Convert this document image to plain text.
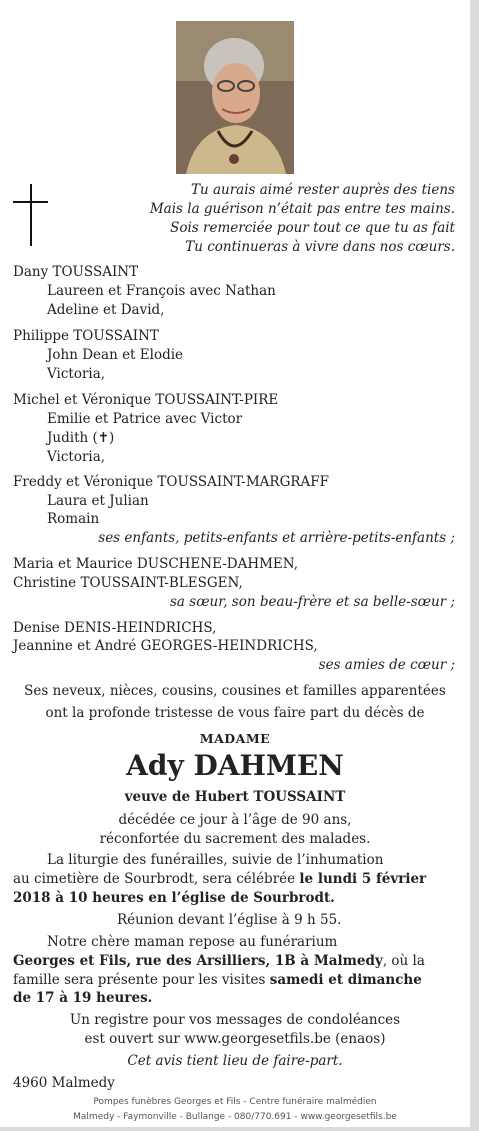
Tu aurais aimé rester auprès des tiens
Mais la guérison n’était pas entre tes mains.
Sois remerciée pour tout ce que tu as fait
Tu continueras à vivre dans nos cœurs.
Dany TOUSSAINT
Laureen et François avec Nathan
Adeline et David,
Philippe TOUSSAINT
John Dean et Elodie
Victoria,
Michel et Véronique TOUSSAINT-PIRE
Emilie et Patrice avec Victor
Judith (✝)
Victoria,
Freddy et Véronique TOUSSAINT-MARGRAFF
Laura et Julian
Romain
ses enfants, petits-enfants et arrière-petits-enfants ;
Maria et Maurice DUSCHENE-DAHMEN,
Christine TOUSSAINT-BLESGEN,
sa sœur, son beau-frère et sa belle-sœur ;
Denise DENIS-HEINDRICHS,
Jeannine et André GEORGES-HEINDRICHS,
ses amies de cœur ;
Ses neveux, nièces, cousins, cousines et familles apparentées
ont la profonde tristesse de vous faire part du décès de
MADAME
Ady DAHMEN
veuve de Hubert TOUSSAINT
décédée ce jour à l’âge de 90 ans,
réconfortée du sacrement des malades.
La liturgie des funérailles, suivie de l’inhumation
au cimetière de Sourbrodt, sera célébrée le lundi 5 février
2018 à 10 heures en l’église de Sourbrodt.
Réunion devant l’église à 9 h 55.
Notre chère maman repose au funérarium
Georges et Fils, rue des Arsilliers, 1B à Malmedy, où la
famille sera présente pour les visites samedi et dimanche
de 17 à 19 heures.
Un registre pour vos messages de condoléances
est ouvert sur www.georgesetfils.be (enaos)
Cet avis tient lieu de faire-part.
4960 Malmedy
Pompes funèbres Georges et Fils - Centre funéraire malmédien
Malmedy - Faymonville - Bullange - 080/770.691 - www.georgesetfils.be
